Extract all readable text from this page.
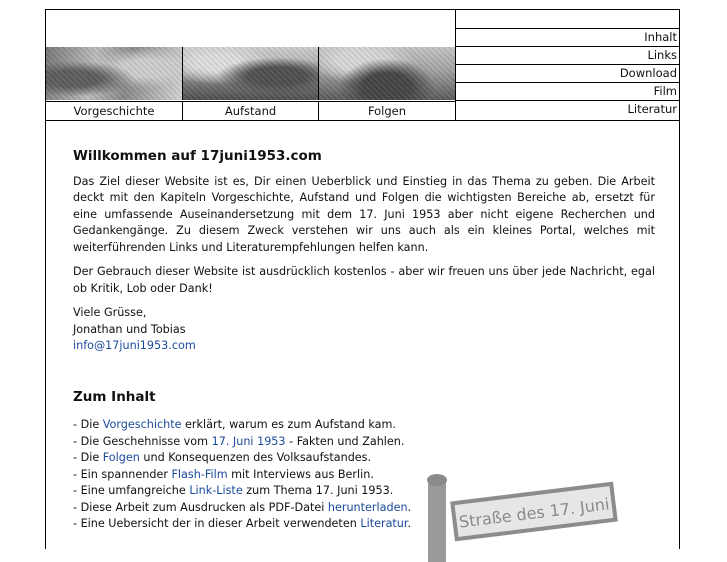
Vorgeschichte	Aufstand	Folgen
Inhalt
Links
Download
Film
Literatur
Willkommen auf 17juni1953.com

Das Ziel dieser Website ist es, Dir einen Ueberblick und Einstieg in das Thema zu geben. Die Arbeit deckt mit den Kapiteln Vorgeschichte, Aufstand und Folgen die wichtigsten Bereiche ab, ersetzt für eine umfassende Auseinandersetzung mit dem 17. Juni 1953 aber nicht eigene Recherchen und Gedankengänge. Zu diesem Zweck verstehen wir uns auch als ein kleines Portal, welches mit weiterführenden Links und Literaturempfehlungen helfen kann.

Der Gebrauch dieser Website ist ausdrücklich kostenlos - aber wir freuen uns über jede Nachricht, egal ob Kritik, Lob oder Dank!

Viele Grüsse,
Jonathan und Tobias
info@17juni1953.com
Zum Inhalt
- Die Vorgeschichte erklärt, warum es zum Aufstand kam.
- Die Geschehnisse vom 17. Juni 1953 - Fakten und Zahlen.
- Die Folgen und Konsequenzen des Volksaufstandes.
- Ein spannender Flash-Film mit Interviews aus Berlin.
- Eine umfangreiche Link-Liste zum Thema 17. Juni 1953.
- Diese Arbeit zum Ausdrucken als PDF-Datei herunterladen.
- Eine Uebersicht der in dieser Arbeit verwendeten Literatur.	Straße des 17. Juni
